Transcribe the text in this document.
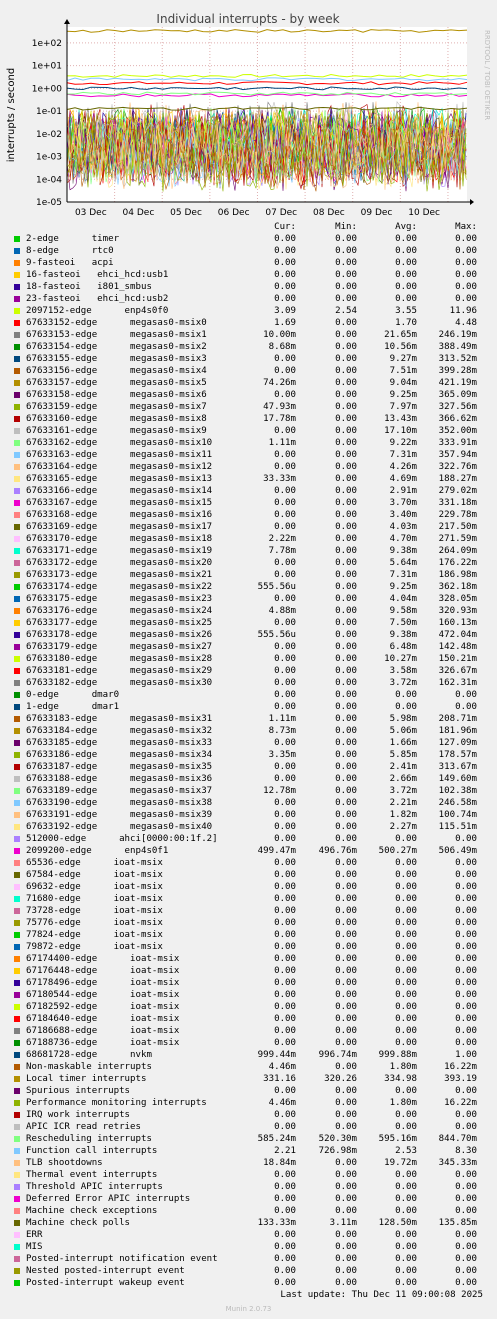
Individual interrupts - by week
interrupts / second	RRDTOOL / TOBI OETIKER
1e+02
1e+01
1e+00
1e-01
1e-02
1e-03
1e-04
1e-05
03 Dec 04 Dec 05 Dec 06 Dec 07 Dec 08 Dec 09 Dec 10 Dec
Cur:	Min:	Avg:	Max:
2-edge      timer	0.00	0.00	0.00	0.00
8-edge      rtc0	0.00	0.00	0.00	0.00
9-fasteoi   acpi	0.00	0.00	0.00	0.00
16-fasteoi   ehci_hcd:usb1	0.00	0.00	0.00	0.00
18-fasteoi   i801_smbus	0.00	0.00	0.00	0.00
23-fasteoi   ehci_hcd:usb2	0.00	0.00	0.00	0.00
2097152-edge      enp4s0f0	3.09	2.54	3.55	11.96
67633152-edge      megasas0-msix0	1.69	0.00	1.70	4.48
67633153-edge      megasas0-msix1	10.00m	0.00	21.65m	246.19m
67633154-edge      megasas0-msix2	8.68m	0.00	10.56m	388.49m
67633155-edge      megasas0-msix3	0.00	0.00	9.27m	313.52m
67633156-edge      megasas0-msix4	0.00	0.00	7.51m	399.28m
67633157-edge      megasas0-msix5	74.26m	0.00	9.04m	421.19m
67633158-edge      megasas0-msix6	0.00	0.00	9.25m	365.09m
67633159-edge      megasas0-msix7	47.93m	0.00	7.97m	327.56m
67633160-edge      megasas0-msix8	17.78m	0.00	13.43m	366.62m
67633161-edge      megasas0-msix9	0.00	0.00	17.10m	352.00m
67633162-edge      megasas0-msix10	1.11m	0.00	9.22m	333.91m
67633163-edge      megasas0-msix11	0.00	0.00	7.31m	357.94m
67633164-edge      megasas0-msix12	0.00	0.00	4.26m	322.76m
67633165-edge      megasas0-msix13	33.33m	0.00	4.69m	188.27m
67633166-edge      megasas0-msix14	0.00	0.00	2.91m	279.02m
67633167-edge      megasas0-msix15	0.00	0.00	3.70m	331.18m
67633168-edge      megasas0-msix16	0.00	0.00	3.40m	229.78m
67633169-edge      megasas0-msix17	0.00	0.00	4.03m	217.50m
67633170-edge      megasas0-msix18	2.22m	0.00	4.70m	271.59m
67633171-edge      megasas0-msix19	7.78m	0.00	9.38m	264.09m
67633172-edge      megasas0-msix20	0.00	0.00	5.64m	176.22m
67633173-edge      megasas0-msix21	0.00	0.00	7.31m	186.98m
67633174-edge      megasas0-msix22	555.56u	0.00	9.25m	362.18m
67633175-edge      megasas0-msix23	0.00	0.00	4.04m	328.05m
67633176-edge      megasas0-msix24	4.88m	0.00	9.58m	320.93m
67633177-edge      megasas0-msix25	0.00	0.00	7.50m	160.13m
67633178-edge      megasas0-msix26	555.56u	0.00	9.38m	472.04m
67633179-edge      megasas0-msix27	0.00	0.00	6.48m	142.48m
67633180-edge      megasas0-msix28	0.00	0.00	10.27m	150.21m
67633181-edge      megasas0-msix29	0.00	0.00	3.58m	326.67m
67633182-edge      megasas0-msix30	0.00	0.00	3.72m	162.31m
0-edge      dmar0	0.00	0.00	0.00	0.00
1-edge      dmar1	0.00	0.00	0.00	0.00
67633183-edge      megasas0-msix31	1.11m	0.00	5.98m	208.71m
67633184-edge      megasas0-msix32	8.73m	0.00	5.06m	181.96m
67633185-edge      megasas0-msix33	0.00	0.00	1.66m	127.09m
67633186-edge      megasas0-msix34	3.35m	0.00	5.85m	178.57m
67633187-edge      megasas0-msix35	0.00	0.00	2.41m	313.67m
67633188-edge      megasas0-msix36	0.00	0.00	2.66m	149.60m
67633189-edge      megasas0-msix37	12.78m	0.00	3.72m	102.38m
67633190-edge      megasas0-msix38	0.00	0.00	2.21m	246.58m
67633191-edge      megasas0-msix39	0.00	0.00	1.82m	100.74m
67633192-edge      megasas0-msix40	0.00	0.00	2.27m	115.51m
512000-edge      ahci[0000:00:1f.2]	0.00	0.00	0.00	0.00
2099200-edge      enp4s0f1	499.47m	496.76m	500.27m	506.49m
65536-edge      ioat-msix	0.00	0.00	0.00	0.00
67584-edge      ioat-msix	0.00	0.00	0.00	0.00
69632-edge      ioat-msix	0.00	0.00	0.00	0.00
71680-edge      ioat-msix	0.00	0.00	0.00	0.00
73728-edge      ioat-msix	0.00	0.00	0.00	0.00
75776-edge      ioat-msix	0.00	0.00	0.00	0.00
77824-edge      ioat-msix	0.00	0.00	0.00	0.00
79872-edge      ioat-msix	0.00	0.00	0.00	0.00
67174400-edge      ioat-msix	0.00	0.00	0.00	0.00
67176448-edge      ioat-msix	0.00	0.00	0.00	0.00
67178496-edge      ioat-msix	0.00	0.00	0.00	0.00
67180544-edge      ioat-msix	0.00	0.00	0.00	0.00
67182592-edge      ioat-msix	0.00	0.00	0.00	0.00
67184640-edge      ioat-msix	0.00	0.00	0.00	0.00
67186688-edge      ioat-msix	0.00	0.00	0.00	0.00
67188736-edge      ioat-msix	0.00	0.00	0.00	0.00
68681728-edge      nvkm	999.44m	996.74m	999.88m	1.00
Non-maskable interrupts	4.46m	0.00	1.80m	16.22m
Local timer interrupts	331.16	320.26	334.98	393.19
Spurious interrupts	0.00	0.00	0.00	0.00
Performance monitoring interrupts	4.46m	0.00	1.80m	16.22m
IRQ work interrupts	0.00	0.00	0.00	0.00
APIC ICR read retries	0.00	0.00	0.00	0.00
Rescheduling interrupts	585.24m	520.30m	595.16m	844.70m
Function call interrupts	2.21	726.98m	2.53	8.30
TLB shootdowns	18.84m	0.00	19.72m	345.33m
Thermal event interrupts	0.00	0.00	0.00	0.00
Threshold APIC interrupts	0.00	0.00	0.00	0.00
Deferred Error APIC interrupts	0.00	0.00	0.00	0.00
Machine check exceptions	0.00	0.00	0.00	0.00
Machine check polls	133.33m	3.11m	128.50m	135.85m
ERR	0.00	0.00	0.00	0.00
MIS	0.00	0.00	0.00	0.00
Posted-interrupt notification event	0.00	0.00	0.00	0.00
Nested posted-interrupt event	0.00	0.00	0.00	0.00
Posted-interrupt wakeup event	0.00	0.00	0.00	0.00
Last update: Thu Dec 11 09:00:08 2025
Munin 2.0.73
